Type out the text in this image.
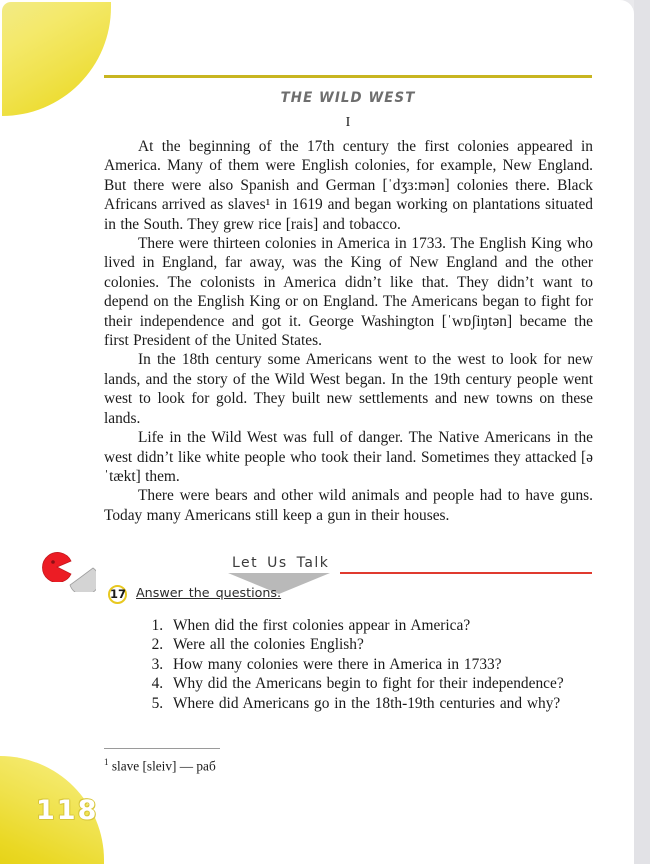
118
THE WILD WEST
I

At the beginning of the 17th century the first colonies appeared in America. Many of them were English colonies, for example, New England. But there were also Spanish and German [ˈdʒɜ:mən] colonies there. Black Africans arrived as slaves¹ in 1619 and began working on plantations situated in the South. They grew rice [rais] and tobacco.

There were thirteen colonies in America in 1733. The English King who lived in England, far away, was the King of New England and the other colonies. The colonists in America didn’t like that. They didn’t want to depend on the English King or on England. The Americans began to fight for their independence and got it. George Washington [ˈwɒʃiŋtən] became the first President of the United States.

In the 18th century some Americans went to the west to look for new lands, and the story of the Wild West began. In the 19th century people went west to look for gold. They built new settlements and new towns on these lands.

Life in the Wild West was full of danger. The Native Americans in the west didn’t like white people who took their land. Sometimes they attacked [əˈtækt] them.

There were bears and other wild animals and people had to have guns. Today many Americans still keep a gun in their houses.

Let Us Talk
17 Answer the questions.
1. When did the first colonies appear in America?
2. Were all the colonies English?
3. How many colonies were there in America in 1733?
4. Why did the Americans begin to fight for their independence?
5. Where did Americans go in the 18th-19th centuries and why?
$^1$ slave [sleiv] — раб
